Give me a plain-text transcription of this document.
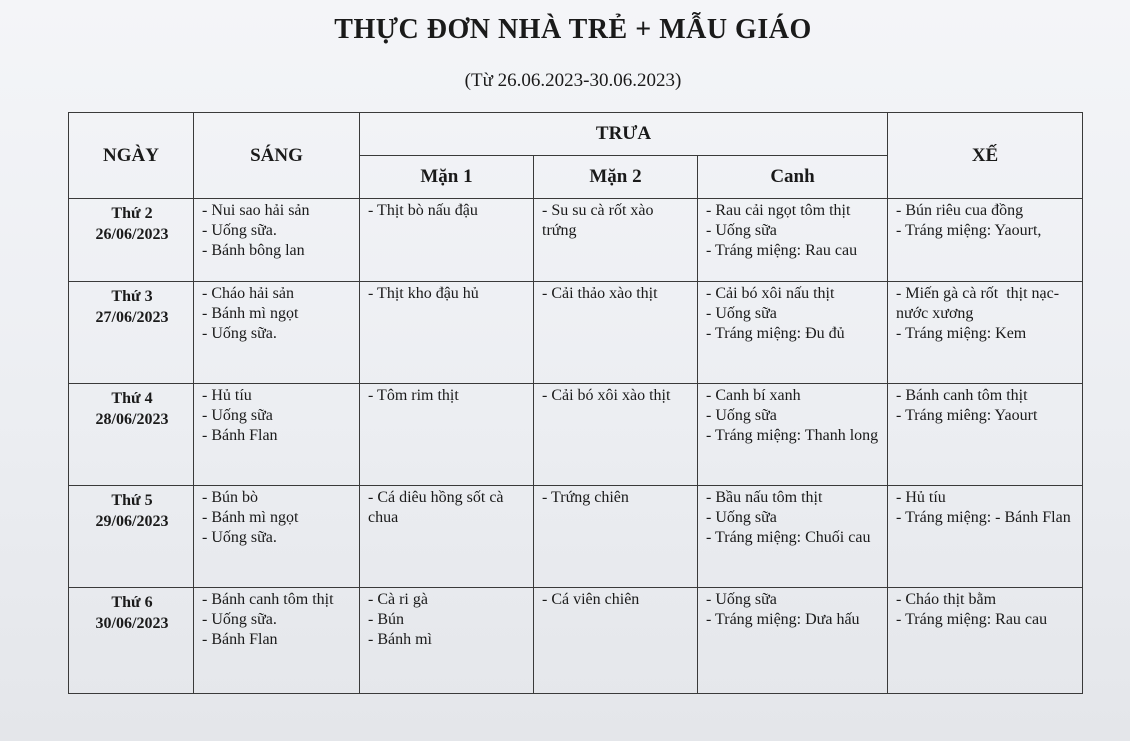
THỰC ĐƠN NHÀ TRẺ + MẪU GIÁO
(Từ 26.06.2023-30.06.2023)
NGÀY	SÁNG	TRƯA			XẾ
		Mặn 1	Mặn 2	Canh	

Thứ 2
26/06/2023	- Nui sao hải sản
- Uống sữa.
- Bánh bông lan	- Thịt bò nấu đậu	- Su su cà rốt xào trứng	- Rau cải ngọt tôm thịt
- Uống sữa
- Tráng miệng: Rau cau	- Bún riêu cua đồng
- Tráng miệng: Yaourt,

Thứ 3
27/06/2023	- Cháo hải sản
- Bánh mì ngọt
- Uống sữa.	- Thịt kho đậu hủ	- Cải thảo xào thịt	- Cải bó xôi nấu thịt
- Uống sữa
- Tráng miệng: Đu đủ	- Miến gà cà rốt  thịt nạc-nước xương
- Tráng miệng: Kem

Thứ 4
28/06/2023	- Hủ tíu
- Uống sữa
- Bánh Flan	- Tôm rim thịt	- Cải bó xôi xào thịt	- Canh bí xanh
- Uống sữa
- Tráng miệng: Thanh long	- Bánh canh tôm thịt
- Tráng miêng: Yaourt

Thứ 5
29/06/2023	- Bún bò
- Bánh mì ngọt
- Uống sữa.	- Cá diêu hồng sốt cà chua	- Trứng chiên	- Bầu nấu tôm thịt
- Uống sữa
- Tráng miệng: Chuối cau	- Hủ tíu
- Tráng miệng: - Bánh Flan

Thứ 6
30/06/2023	- Bánh canh tôm thịt
- Uống sữa.
- Bánh Flan	- Cà ri gà
- Bún
- Bánh mì	- Cá viên chiên	- Uống sữa
- Tráng miệng: Dưa hấu	- Cháo thịt bằm
- Tráng miệng: Rau cau
